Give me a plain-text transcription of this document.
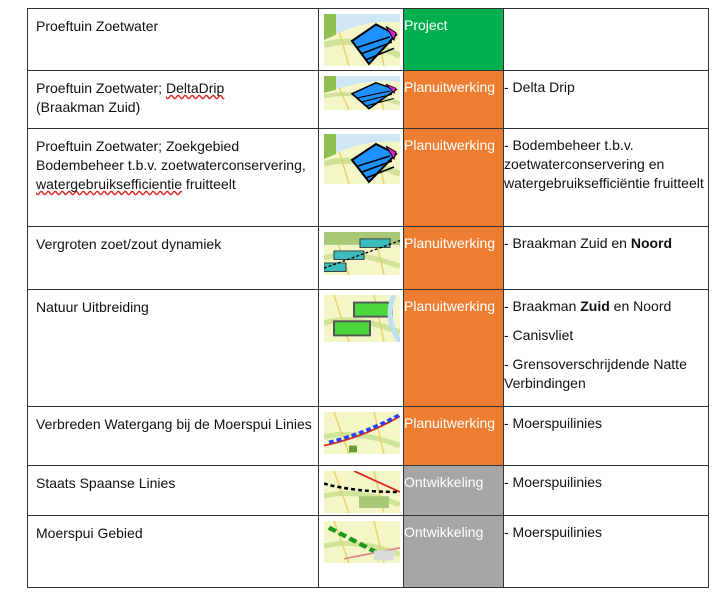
Proeftuin Zoetwater		Project	
Proeftuin Zoetwater; DeltaDrip
(Braakman Zuid)		Planuitwerking	- Delta Drip

Proeftuin Zoetwater; Zoekgebied Bodembeheer t.b.v. zoetwaterconservering, watergebruiksefficientie fruitteelt		Planuitwerking	- Bodembeheer t.b.v. zoetwaterconservering en watergebruiksefficiëntie fruitteelt

Vergroten zoet/zout dynamiek		Planuitwerking	- Braakman Zuid en Noord

Natuur Uitbreiding		Planuitwerking	- Braakman Zuid en Noord

- Canisvliet

- Grensoverschrijdende Natte Verbindingen

Verbreden Watergang bij de Moerspui Linies		Planuitwerking	- Moerspuilinies

Staats Spaanse Linies		Ontwikkeling	- Moerspuilinies

Moerspui Gebied		Ontwikkeling	- Moerspuilinies
